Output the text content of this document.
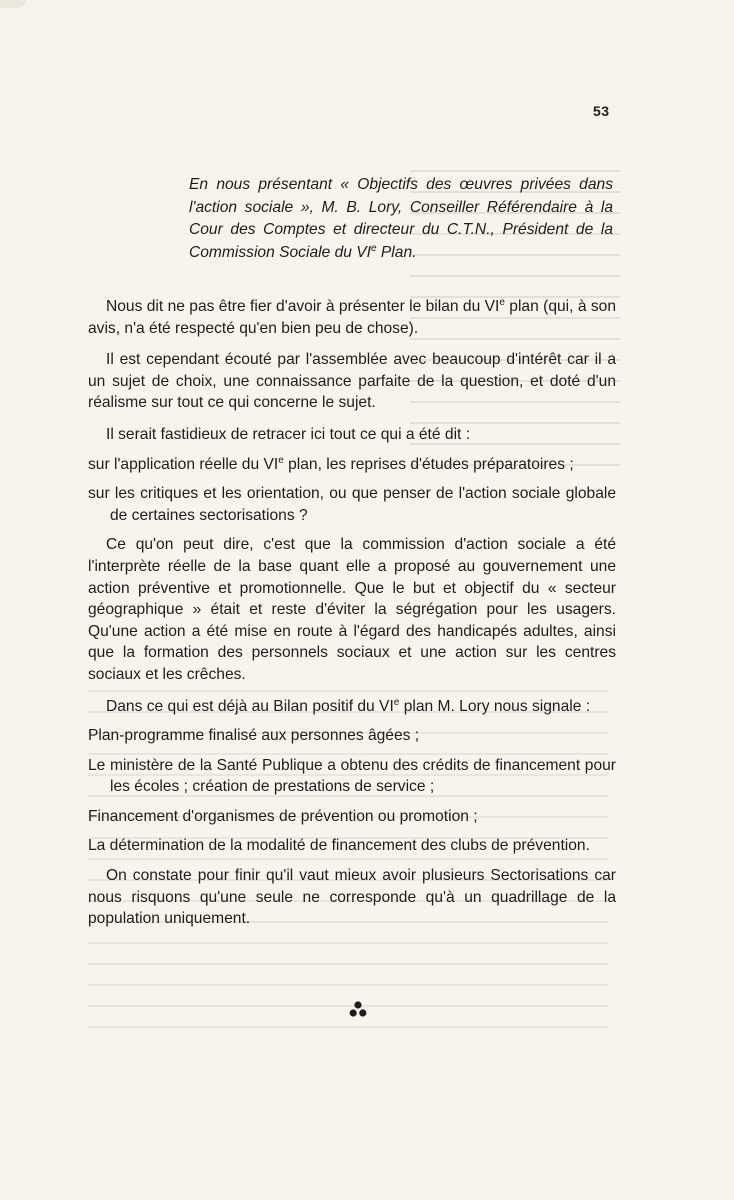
53

En nous présentant « Objectifs des œuvres privées dans l'action sociale », M. B. Lory, Conseiller Référendaire à la Cour des Comptes et directeur du C.T.N., Président de la Commission Sociale du VIe Plan.

Nous dit ne pas être fier d'avoir à présenter le bilan du VIe plan (qui, à son avis, n'a été respecté qu'en bien peu de chose).

Il est cependant écouté par l'assemblée avec beaucoup d'intérêt car il a un sujet de choix, une connaissance parfaite de la question, et doté d'un réalisme sur tout ce qui concerne le sujet.

Il serait fastidieux de retracer ici tout ce qui a été dit :

sur l'application réelle du VIe plan, les reprises d'études préparatoires ;

sur les critiques et les orientation, ou que penser de l'action sociale globale de certaines sectorisations ?

Ce qu'on peut dire, c'est que la commission d'action sociale a été l'interprète réelle de la base quant elle a proposé au gouvernement une action préventive et promotionnelle. Que le but et objectif du « secteur géographique » était et reste d'éviter la ségrégation pour les usagers. Qu'une action a été mise en route à l'égard des handicapés adultes, ainsi que la formation des personnels sociaux et une action sur les centres sociaux et les crêches.

Dans ce qui est déjà au Bilan positif du VIe plan M. Lory nous signale :

Plan-programme finalisé aux personnes âgées ;

Le ministère de la Santé Publique a obtenu des crédits de financement pour les écoles ; création de prestations de service ;

Financement d'organismes de prévention ou promotion ;

La détermination de la modalité de financement des clubs de prévention.

On constate pour finir qu'il vaut mieux avoir plusieurs Sectorisations car nous risquons qu'une seule ne corresponde qu'à un quadrillage de la population uniquement.
